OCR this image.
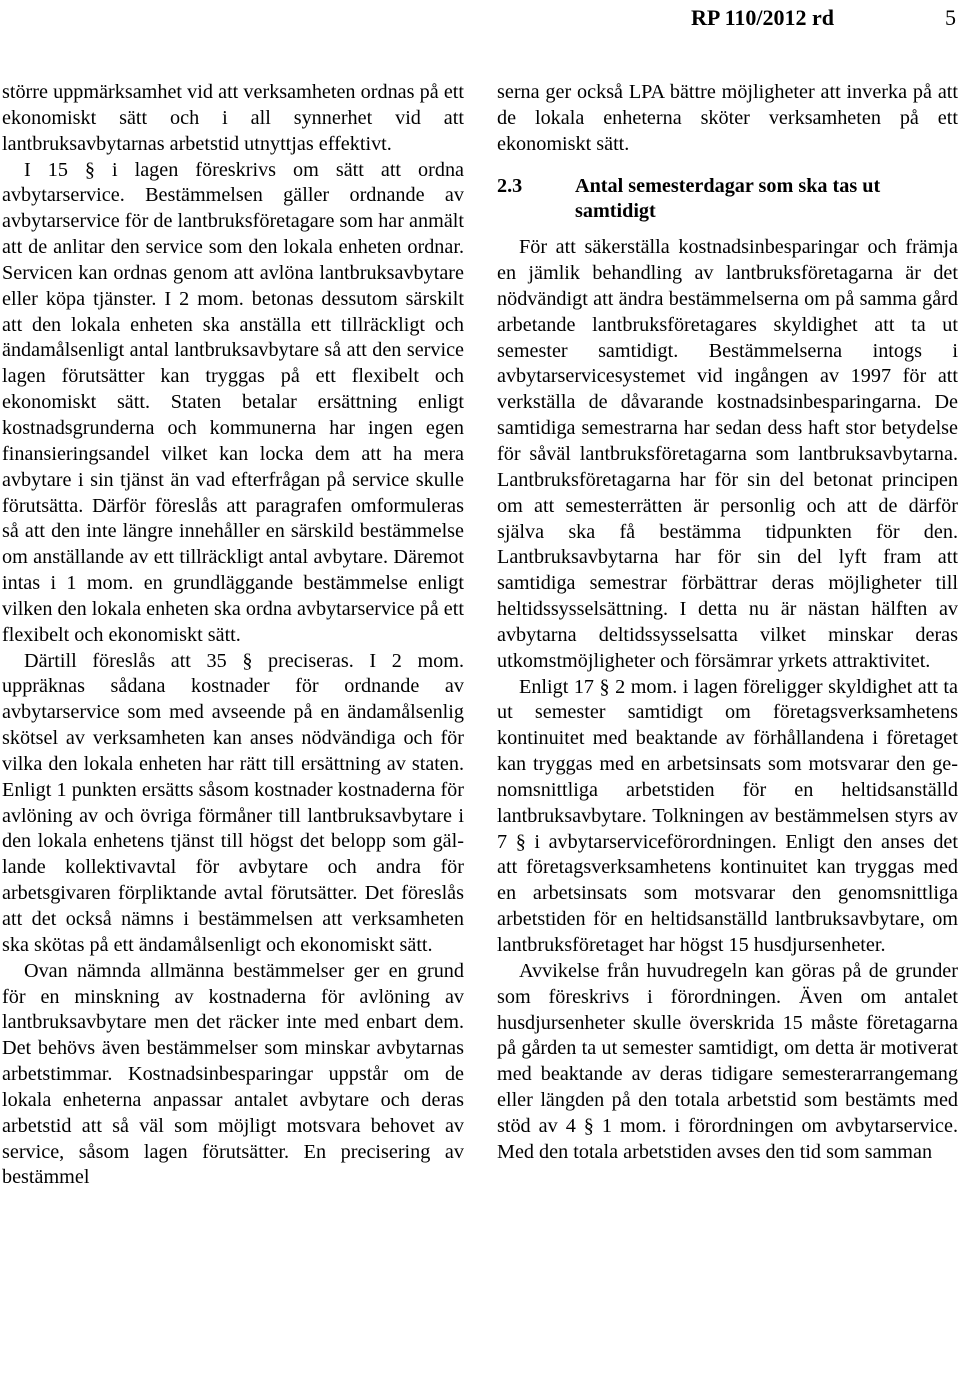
RP 110/2012 rd	5

större uppmärksamhet vid att verksamheten ordnas på ett ekonomiskt sätt och i all synnerhet vid att lantbruksavbytarnas arbetstid utnyttjas effektivt.

I 15 § i lagen föreskrivs om sätt att ordna avbytarservice. Bestämmelsen gäller ordnande av avbytarservice för de lantbruksföretagare som har anmält att de anlitar den service som den lokala enheten ordnar. Servicen kan ordnas genom att avlöna lantbruksavbytare eller köpa tjänster. I 2 mom. betonas dessutom särskilt att den lokala enheten ska anställa ett tillräckligt och ändamålsenligt antal lantbruksavbytare så att den service lagen förutsätter kan tryggas på ett flexibelt och ekonomiskt sätt. Staten betalar ersättning enligt kostnadsgrunderna och kommunerna har ingen egen finansieringsandel vilket kan locka dem att ha mera avbytare i sin tjänst än vad efterfrågan på service skulle förutsätta. Därför föreslås att paragrafen omformuleras så att den inte längre innehåller en särskild bestämmelse om anställande av ett tillräckligt antal avbytare. Däremot intas i 1 mom. en grundläggande bestämmelse enligt vilken den lokala enheten ska ordna avbytarservice på ett flexibelt och ekonomiskt sätt.

Därtill föreslås att 35 § preciseras. I 2 mom. uppräknas sådana kostnader för ordnande av avbytarservice som med avseende på en ändamålsenlig skötsel av verksamheten kan anses nödvändiga och för vilka den lokala enheten har rätt till ersättning av staten. Enligt 1 punkten ersätts såsom kostnader kostnaderna för avlöning av och övriga förmåner till lantbruksavbytare i den lokala enhetens tjänst till högst det belopp som gällande kollektivavtal för avbytare och andra för arbetsgivaren förpliktande avtal förutsätter. Det föreslås att det också nämns i bestämmelsen att verksamheten ska skötas på ett ändamålsenligt och ekonomiskt sätt.

Ovan nämnda allmänna bestämmelser ger en grund för en minskning av kostnaderna för avlöning av lantbruksavbytare men det räcker inte med enbart dem. Det behövs även bestämmelser som minskar avbytarnas arbetstimmar. Kostnadsinbesparingar uppstår om de lokala enheterna anpassar antalet avbytare och deras arbetstid att så väl som möjligt motsvara behovet av service, såsom lagen förutsätter. En precisering av bestämmel

serna ger också LPA bättre möjligheter att inverka på att de lokala enheterna sköter verksamheten på ett ekonomiskt sätt.

2.3	Antal semesterdagar som ska tas ut samtidigt

För att säkerställa kostnadsinbesparingar och främja en jämlik behandling av lantbruksföretagarna är det nödvändigt att ändra bestämmelserna om på samma gård arbetande lantbruksföretagares skyldighet att ta ut semester samtidigt. Bestämmelserna intogs i avbytarservicesystemet vid ingången av 1997 för att verkställa de dåvarande kostnadsinbesparingarna. De samtidiga semestrarna har sedan dess haft stor betydelse för såväl lantbruksföretagarna som lantbruksavbytarna. Lantbruksföretagarna har för sin del betonat principen om att semesterrätten är personlig och att de därför själva ska få bestämma tidpunkten för den. Lantbruksavbytarna har för sin del lyft fram att samtidiga semestrar förbättrar deras möjligheter till heltidssysselsättning. I detta nu är nästan hälften av avbytarna deltidssysselsatta vilket minskar deras utkomstmöjligheter och försämrar yrkets attraktivitet.

Enligt 17 § 2 mom. i lagen föreligger skyldighet att ta ut semester samtidigt om företagsverksamhetens kontinuitet med beaktande av förhållandena i företaget kan tryggas med en arbetsinsats som motsvarar den genomsnittliga arbetstiden för en heltidsanställd lantbruksavbytare. Tolkningen av bestämmelsen styrs av 7 § i avbytarserviceförordningen. Enligt den anses det att företagsverksamhetens kontinuitet kan tryggas med en arbetsinsats som motsvarar den genomsnittliga arbetstiden för en heltidsanställd lantbruksavbytare, om lantbruksföretaget har högst 15 husdjursenheter.

Avvikelse från huvudregeln kan göras på de grunder som föreskrivs i förordningen. Även om antalet husdjursenheter skulle överskrida 15 måste företagarna på gården ta ut semester samtidigt, om detta är motiverat med beaktande av deras tidigare semesterarrangemang eller längden på den totala arbetstid som bestämts med stöd av 4 § 1 mom. i förordningen om avbytarservice. Med den totala arbetstiden avses den tid som samman
